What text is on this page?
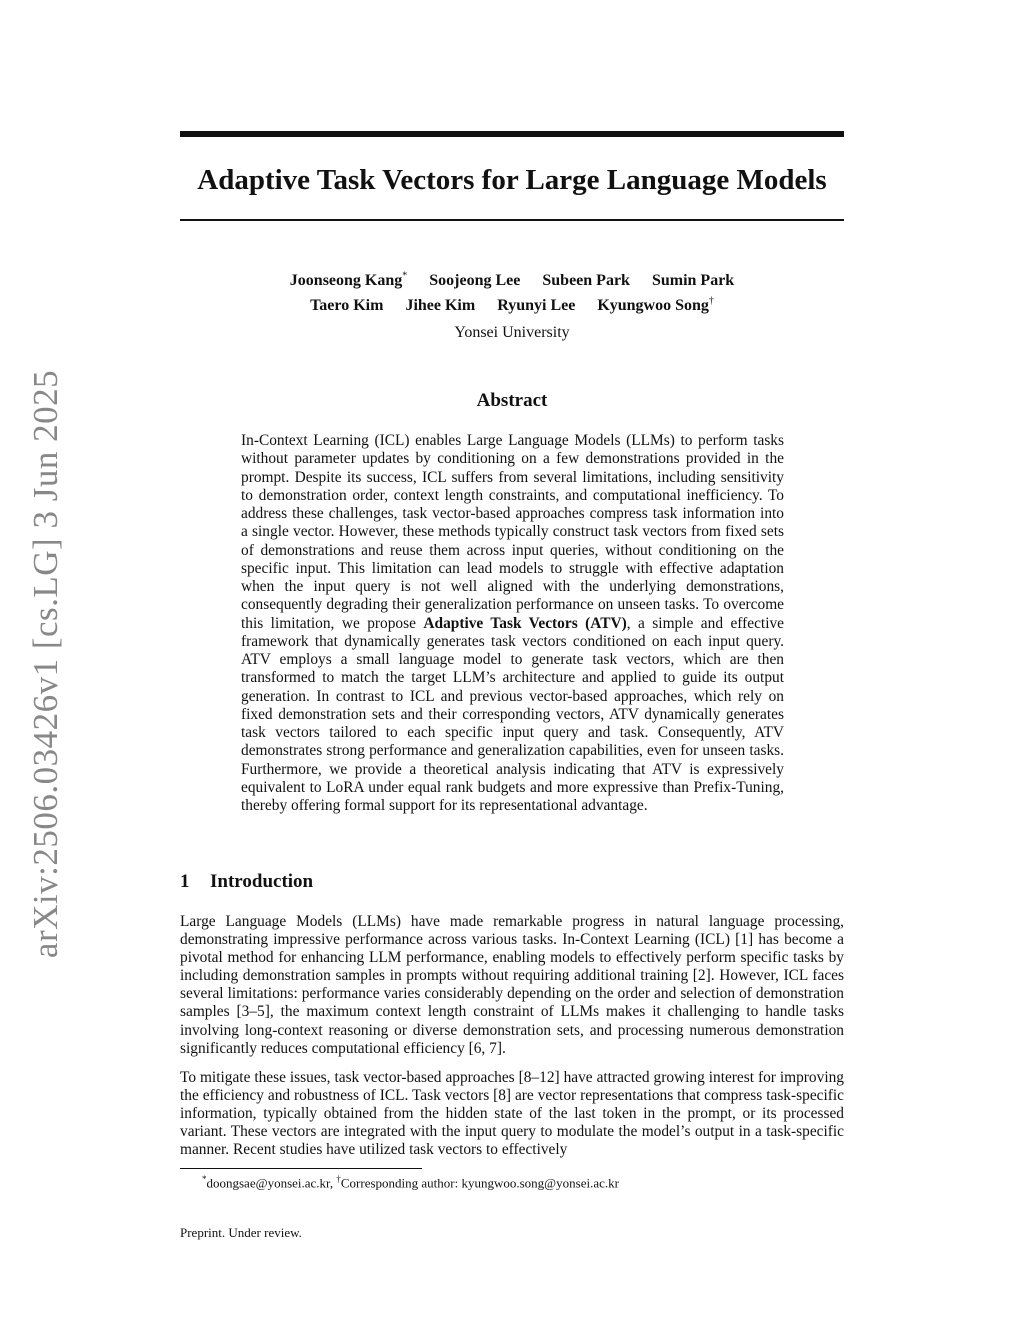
arXiv:2506.03426v1 [cs.LG] 3 Jun 2025
Adaptive Task Vectors for Large Language Models
Joonseong Kang* Soojeong Lee Subeen Park Sumin Park
Taero Kim Jihee Kim Ryunyi Lee Kyungwoo Song†
Yonsei University
Abstract
In-Context Learning (ICL) enables Large Language Models (LLMs) to perform tasks without parameter updates by conditioning on a few demonstrations provided in the prompt. Despite its success, ICL suffers from several limitations, including sensitivity to demonstration order, context length constraints, and computational inefficiency. To address these challenges, task vector-based approaches compress task information into a single vector. However, these methods typically construct task vectors from fixed sets of demonstrations and reuse them across input queries, without conditioning on the specific input. This limitation can lead models to struggle with effective adaptation when the input query is not well aligned with the underlying demonstrations, consequently degrading their generalization performance on unseen tasks. To overcome this limitation, we propose Adaptive Task Vectors (ATV), a simple and effective framework that dynamically generates task vectors conditioned on each input query. ATV employs a small language model to generate task vectors, which are then transformed to match the target LLM’s architecture and applied to guide its output generation. In contrast to ICL and previous vector-based approaches, which rely on fixed demonstration sets and their corresponding vectors, ATV dynamically generates task vectors tailored to each specific input query and task. Consequently, ATV demonstrates strong performance and generalization capabilities, even for unseen tasks. Furthermore, we provide a theoretical analysis indicating that ATV is expressively equivalent to LoRA under equal rank budgets and more expressive than Prefix-Tuning, thereby offering formal support for its representational advantage.
1 Introduction
Large Language Models (LLMs) have made remarkable progress in natural language processing, demonstrating impressive performance across various tasks. In-Context Learning (ICL) [1] has become a pivotal method for enhancing LLM performance, enabling models to effectively perform specific tasks by including demonstration samples in prompts without requiring additional training [2]. However, ICL faces several limitations: performance varies considerably depending on the order and selection of demonstration samples [3–5], the maximum context length constraint of LLMs makes it challenging to handle tasks involving long-context reasoning or diverse demonstration sets, and processing numerous demonstration significantly reduces computational efficiency [6, 7].
To mitigate these issues, task vector-based approaches [8–12] have attracted growing interest for improving the efficiency and robustness of ICL. Task vectors [8] are vector representations that compress task-specific information, typically obtained from the hidden state of the last token in the prompt, or its processed variant. These vectors are integrated with the input query to modulate the model’s output in a task-specific manner. Recent studies have utilized task vectors to effectively
*doongsae@yonsei.ac.kr, †Corresponding author: kyungwoo.song@yonsei.ac.kr
Preprint. Under review.
